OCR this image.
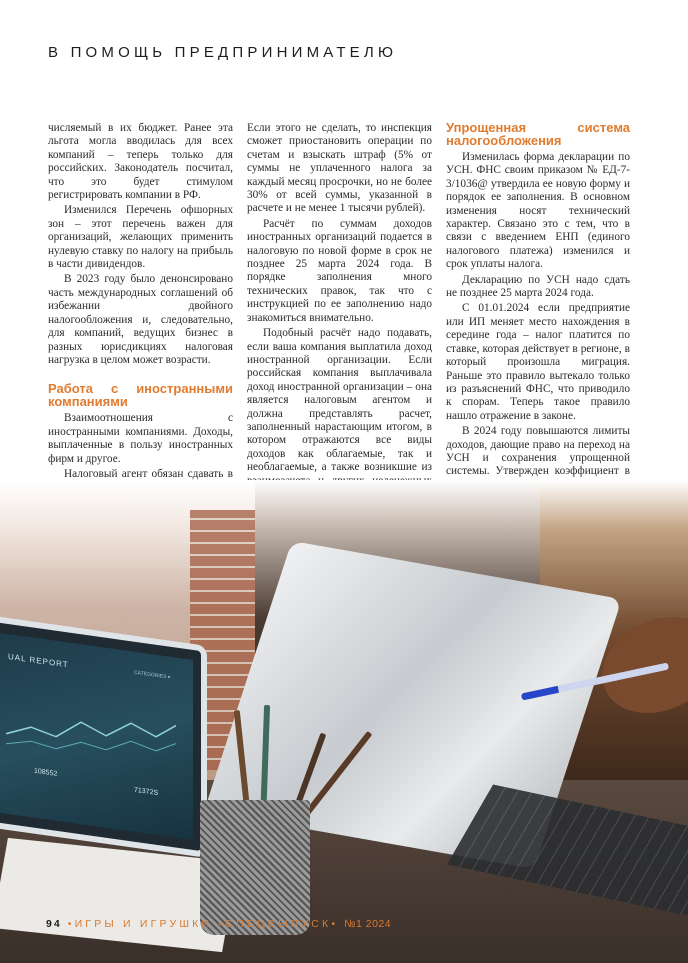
В ПОМОЩЬ ПРЕДПРИНИМАТЕЛЮ

числяемый в их бюджет. Ранее эта льгота могла вводилась для всех компаний – теперь только для российских. Законодатель посчитал, что это будет стимулом регистрировать компании в РФ.

Изменился Перечень офшорных зон – этот перечень важен для организаций, желающих применить нулевую ставку по налогу на прибыль в части дивидендов.

В 2023 году было денонсировано часть международных соглашений об избежании двойного налогообложения и, следовательно, для компаний, ведущих бизнес в разных юрисдикциях налоговая нагрузка в целом может возрасти.

Работа с иностранными компаниями

Взаимоотношения с иностранными компаниями. Доходы, выплаченные в пользу иностранных фирм и другое.

Налоговый агент обязан сдавать в

Если этого не сделать, то инспекция сможет приостановить операции по счетам и взыскать штраф (5% от суммы не уплаченного налога за каждый месяц просрочки, но не более 30% от всей суммы, указанной в расчете и не менее 1 тысячи рублей).

Расчёт по суммам доходов иностранных организаций подается в налоговую по новой форме в срок не позднее 25 марта 2024 года. В порядке заполнения много технических правок, так что с инструкцией по ее заполнению надо знакомиться внимательно.

Подобный расчёт надо подавать, если ваша компания выплатила доход иностранной организации. Если российская компания выплачивала доход иностранной организации – она является налоговым агентом и должна представлять расчет, заполненный нарастающим итогом, в котором отражаются все виды доходов как облагаемые, так и необлагаемые, а также возникшие из

Упрощенная система налогообложения

Изменилась форма декларации по УСН. ФНС своим приказом № ЕД-7-3/1036@ утвердила ее новую форму и порядок ее заполнения. В основном изменения носят технический характер. Связано это с тем, что в связи с введением ЕНП (единого налогового платежа) изменился и срок уплаты налога.

Декларацию по УСН надо сдать не позднее 25 марта 2024 года.

С 01.01.2024 если предприятие или ИП меняет место нахождения в середине года – налог платится по ставке, которая действует в регионе, в который произошла миграция. Раньше это правило вытекало только из разъяснений ФНС, что приводило к спорам. Теперь такое правило нашло отражение в законе.

В 2024 году повышаются лимиты доходов, дающие право на переход на УСН и сохранения упрощенной системы. Утвержден коэффициент в

UAL REPORT
CATEGORIES ▾
108552
71372S
94 •ИГРЫ И ИГРУШКИ •СПЕЦВЫПУСК• №1 2024
